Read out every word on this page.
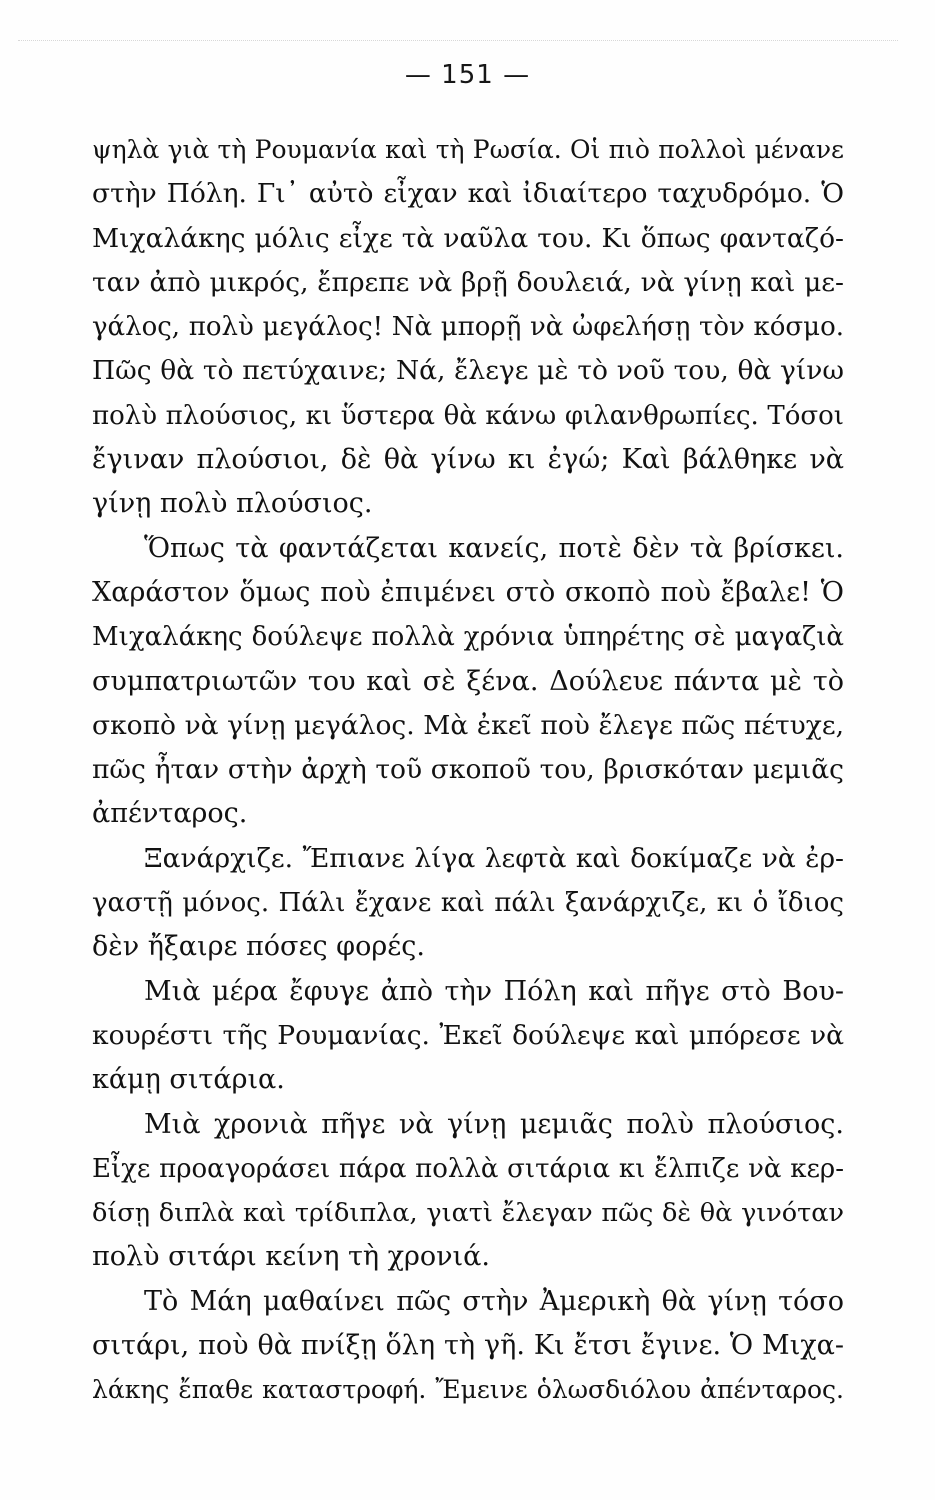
— 151 —
ψηλὰ γιὰ τὴ Ρουμανία καὶ τὴ Ρωσία. Οἱ πιὸ πολλοὶ μένανε
στὴν Πόλη. Γι᾿ αὐτὸ εἶχαν καὶ ἰδιαίτερο ταχυδρόμο. Ὁ
Μιχαλάκης μόλις εἶχε τὰ ναῦλα του. Κι ὅπως φανταζό-
ταν ἀπὸ μικρός, ἔπρεπε νὰ βρῇ δουλειά, νὰ γίνῃ καὶ με-
γάλος, πολὺ μεγάλος! Νὰ μπορῇ νὰ ὠφελήσῃ τὸν κόσμο.
Πῶς θὰ τὸ πετύχαινε; Νά, ἔλεγε μὲ τὸ νοῦ του, θὰ γίνω
πολὺ πλούσιος, κι ὕστερα θὰ κάνω φιλανθρωπίες. Τόσοι
ἔγιναν πλούσιοι, δὲ θὰ γίνω κι ἐγώ; Καὶ βάλθηκε νὰ
γίνῃ πολὺ πλούσιος.
Ὅπως τὰ φαντάζεται κανείς, ποτὲ δὲν τὰ βρίσκει.
Χαράστον ὅμως ποὺ ἐπιμένει στὸ σκοπὸ ποὺ ἔβαλε! Ὁ
Μιχαλάκης δούλεψε πολλὰ χρόνια ὑπηρέτης σὲ μαγαζιὰ
συμπατριωτῶν του καὶ σὲ ξένα. Δούλευε πάντα μὲ τὸ
σκοπὸ νὰ γίνῃ μεγάλος. Μὰ ἐκεῖ ποὺ ἔλεγε πῶς πέτυχε,
πῶς ἦταν στὴν ἀρχὴ τοῦ σκοποῦ του, βρισκόταν μεμιᾶς
ἀπένταρος.
Ξανάρχιζε. Ἔπιανε λίγα λεφτὰ καὶ δοκίμαζε νὰ ἐρ-
γαστῇ μόνος. Πάλι ἔχανε καὶ πάλι ξανάρχιζε, κι ὁ ἴδιος
δὲν ἤξαιρε πόσες φορές.
Μιὰ μέρα ἔφυγε ἀπὸ τὴν Πόλη καὶ πῆγε στὸ Βου-
κουρέστι τῆς Ρουμανίας. Ἐκεῖ δούλεψε καὶ μπόρεσε νὰ
κάμῃ σιτάρια.
Μιὰ χρονιὰ πῆγε νὰ γίνῃ μεμιᾶς πολὺ πλούσιος.
Εἶχε προαγοράσει πάρα πολλὰ σιτάρια κι ἔλπιζε νὰ κερ-
δίσῃ διπλὰ καὶ τρίδιπλα, γιατὶ ἔλεγαν πῶς δὲ θὰ γινόταν
πολὺ σιτάρι κείνη τὴ χρονιά.
Τὸ Μάη μαθαίνει πῶς στὴν Ἀμερικὴ θὰ γίνῃ τόσο
σιτάρι, ποὺ θὰ πνίξῃ ὅλη τὴ γῆ. Κι ἔτσι ἔγινε. Ὁ Μιχα-
λάκης ἔπαθε καταστροφή. Ἔμεινε ὁλωσδιόλου ἀπένταρος.
